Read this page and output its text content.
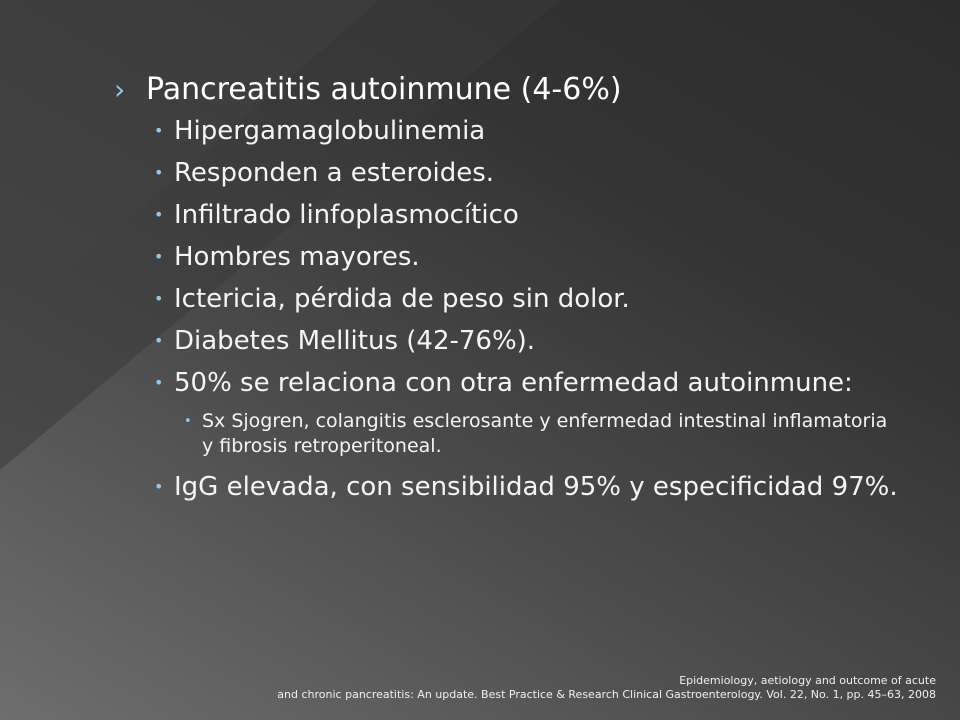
› Pancreatitis autoinmune (4-6%)
• Hipergamaglobulinemia
• Responden a esteroides.
• Infiltrado linfoplasmocítico
• Hombres mayores.
• Ictericia, pérdida de peso sin dolor.
• Diabetes Mellitus (42-76%).
• 50% se relaciona con otra enfermedad autoinmune:
• Sx Sjogren, colangitis esclerosante y enfermedad intestinal inflamatoria y fibrosis retroperitoneal.
• IgG elevada, con sensibilidad 95% y especificidad 97%.
Epidemiology, aetiology and outcome of acute
and chronic pancreatitis: An update. Best Practice & Research Clinical Gastroenterology. Vol. 22, No. 1, pp. 45–63, 2008
